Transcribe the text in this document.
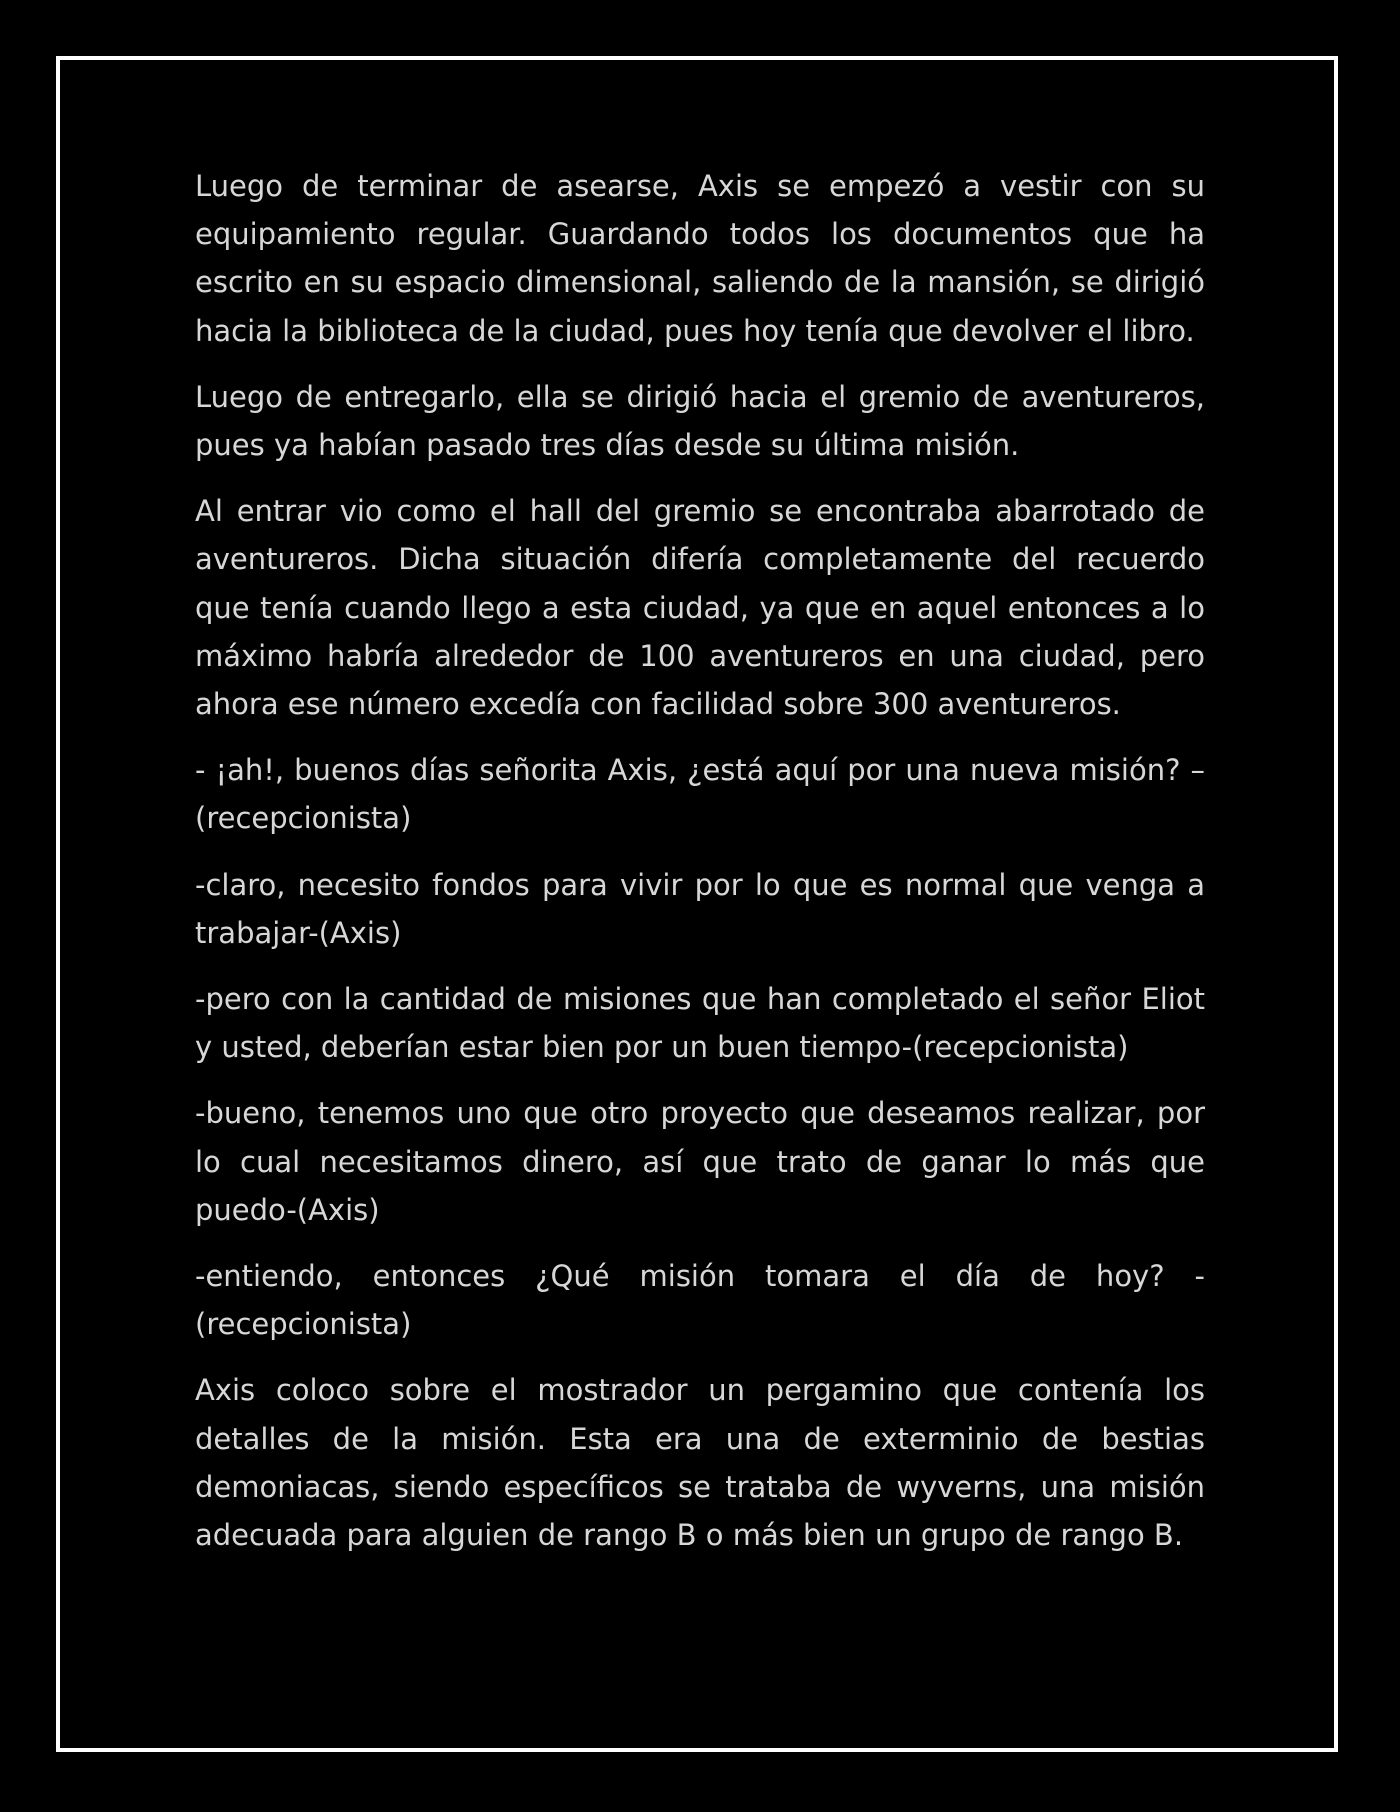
Luego de terminar de asearse, Axis se empezó a vestir con su equipamiento regular. Guardando todos los documentos que ha escrito en su espacio dimensional, saliendo de la mansión, se dirigió hacia la biblioteca de la ciudad, pues hoy tenía que devolver el libro.

Luego de entregarlo, ella se dirigió hacia el gremio de aventureros, pues ya habían pasado tres días desde su última misión.

Al entrar vio como el hall del gremio se encontraba abarrotado de aventureros. Dicha situación difería completamente del recuerdo que tenía cuando llego a esta ciudad, ya que en aquel entonces a lo máximo habría alrededor de 100 aventureros en una ciudad, pero ahora ese número excedía con facilidad sobre 300 aventureros.

- ¡ah!, buenos días señorita Axis, ¿está aquí por una nueva misión? –(recepcionista)

-claro, necesito fondos para vivir por lo que es normal que venga a trabajar-(Axis)

-pero con la cantidad de misiones que han completado el señor Eliot y usted, deberían estar bien por un buen tiempo-(recepcionista)

-bueno, tenemos uno que otro proyecto que deseamos realizar, por lo cual necesitamos dinero, así que trato de ganar lo más que puedo-(Axis)

-entiendo, entonces ¿Qué misión tomara el día de hoy? -(recepcionista)

Axis coloco sobre el mostrador un pergamino que contenía los detalles de la misión. Esta era una de exterminio de bestias demoniacas, siendo específicos se trataba de wyverns, una misión adecuada para alguien de rango B o más bien un grupo de rango B.
